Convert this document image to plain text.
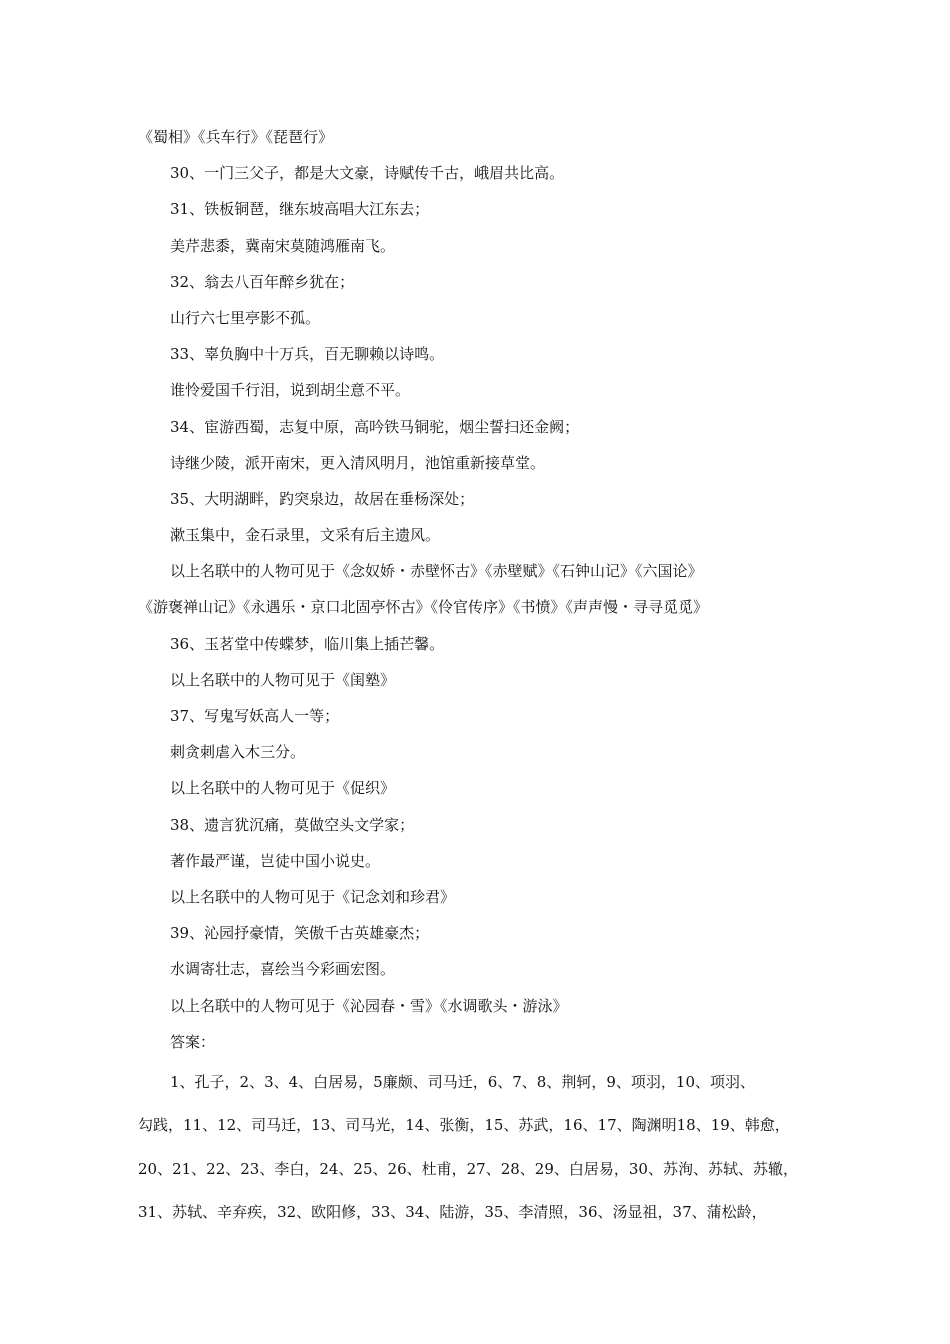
《蜀相》《兵车行》《琵琶行》
30、一门三父子，都是大文豪，诗赋传千古，峨眉共比高。
31、铁板铜琶，继东坡高唱大江东去；
美芹悲黍，冀南宋莫随鸿雁南飞。
32、翁去八百年醉乡犹在；
山行六七里亭影不孤。
33、辜负胸中十万兵，百无聊赖以诗鸣。
谁怜爱国千行泪，说到胡尘意不平。
34、宦游西蜀，志复中原，高吟铁马铜驼，烟尘誓扫还金阙；
诗继少陵，派开南宋，更入清风明月，池馆重新接草堂。
35、大明湖畔，趵突泉边，故居在垂杨深处；
漱玉集中，金石录里，文采有后主遗风。
以上名联中的人物可见于《念奴娇・赤壁怀古》《赤壁赋》《石钟山记》《六国论》
《游褒禅山记》《永遇乐・京口北固亭怀古》《伶官传序》《书愤》《声声慢・寻寻觅觅》
36、玉茗堂中传蝶梦，临川集上插芒馨。
以上名联中的人物可见于《闺塾》
37、写鬼写妖高人一等；
刺贪刺虐入木三分。
以上名联中的人物可见于《促织》
38、遗言犹沉痛，莫做空头文学家；
著作最严谨，岂徒中国小说史。
以上名联中的人物可见于《记念刘和珍君》
39、沁园抒豪情，笑傲千古英雄豪杰；
水调寄壮志，喜绘当今彩画宏图。
以上名联中的人物可见于《沁园春・雪》《水调歌头・游泳》
答案：
1、孔子，2、3、4、白居易，5廉颇、司马迁，6、7、8、荆轲，9、项羽，10、项羽、
勾践，11、12、司马迁，13、司马光，14、张衡，15、苏武，16、17、陶渊明18、19、韩愈，
20、21、22、23、李白，24、25、26、杜甫，27、28、29、白居易，30、苏洵、苏轼、苏辙，
31、苏轼、辛弃疾，32、欧阳修，33、34、陆游，35、李清照，36、汤显祖，37、蒲松龄，
